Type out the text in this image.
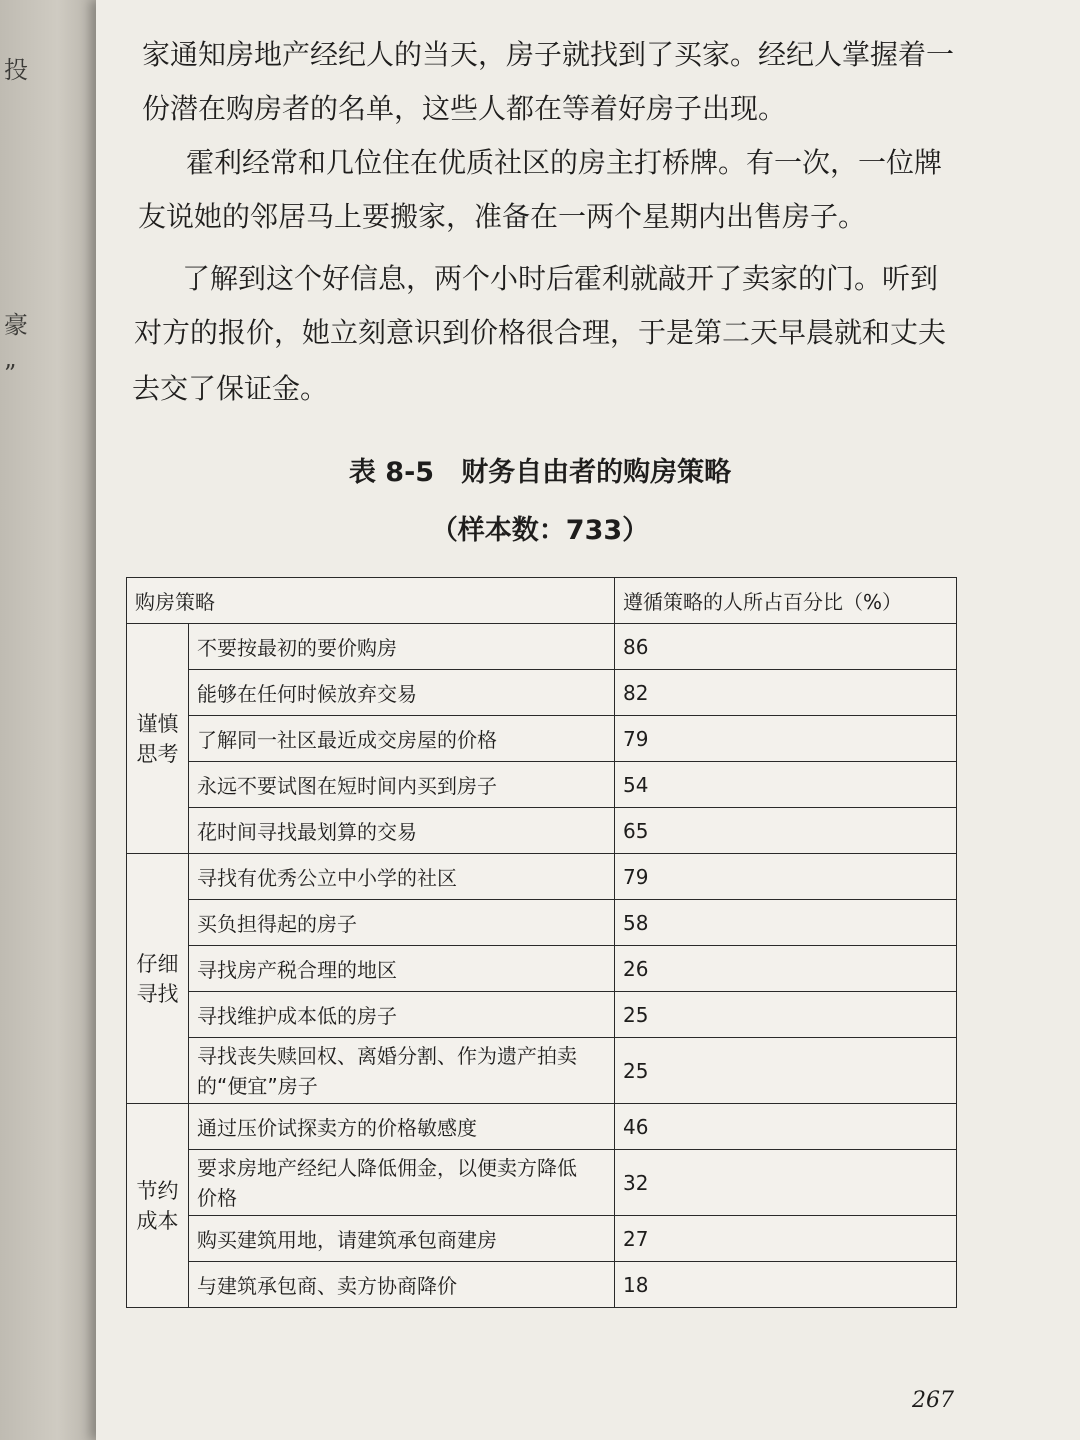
投
豪
”

家通知房地产经纪人的当天，房子就找到了买家。经纪人掌握着一

份潜在购房者的名单，这些人都在等着好房子出现。

霍利经常和几位住在优质社区的房主打桥牌。有一次，一位牌

友说她的邻居马上要搬家，准备在一两个星期内出售房子。

了解到这个好信息，两个小时后霍利就敲开了卖家的门。听到

对方的报价，她立刻意识到价格很合理，于是第二天早晨就和丈夫

去交了保证金。

表 8-5　财务自由者的购房策略
（样本数：733）
购房策略		遵循策略的人所占百分比（%）
谨慎
思考	不要按最初的要价购房	86
	能够在任何时候放弃交易	82
	了解同一社区最近成交房屋的价格	79
	永远不要试图在短时间内买到房子	54
	花时间寻找最划算的交易	65
仔细
寻找	寻找有优秀公立中小学的社区	79
	买负担得起的房子	58
	寻找房产税合理的地区	26
	寻找维护成本低的房子	25
	寻找丧失赎回权、离婚分割、作为遗产拍卖
的“便宜”房子	25
节约
成本	通过压价试探卖方的价格敏感度	46
	要求房地产经纪人降低佣金，以便卖方降低
价格	32
	购买建筑用地，请建筑承包商建房	27
	与建筑承包商、卖方协商降价	18
267
